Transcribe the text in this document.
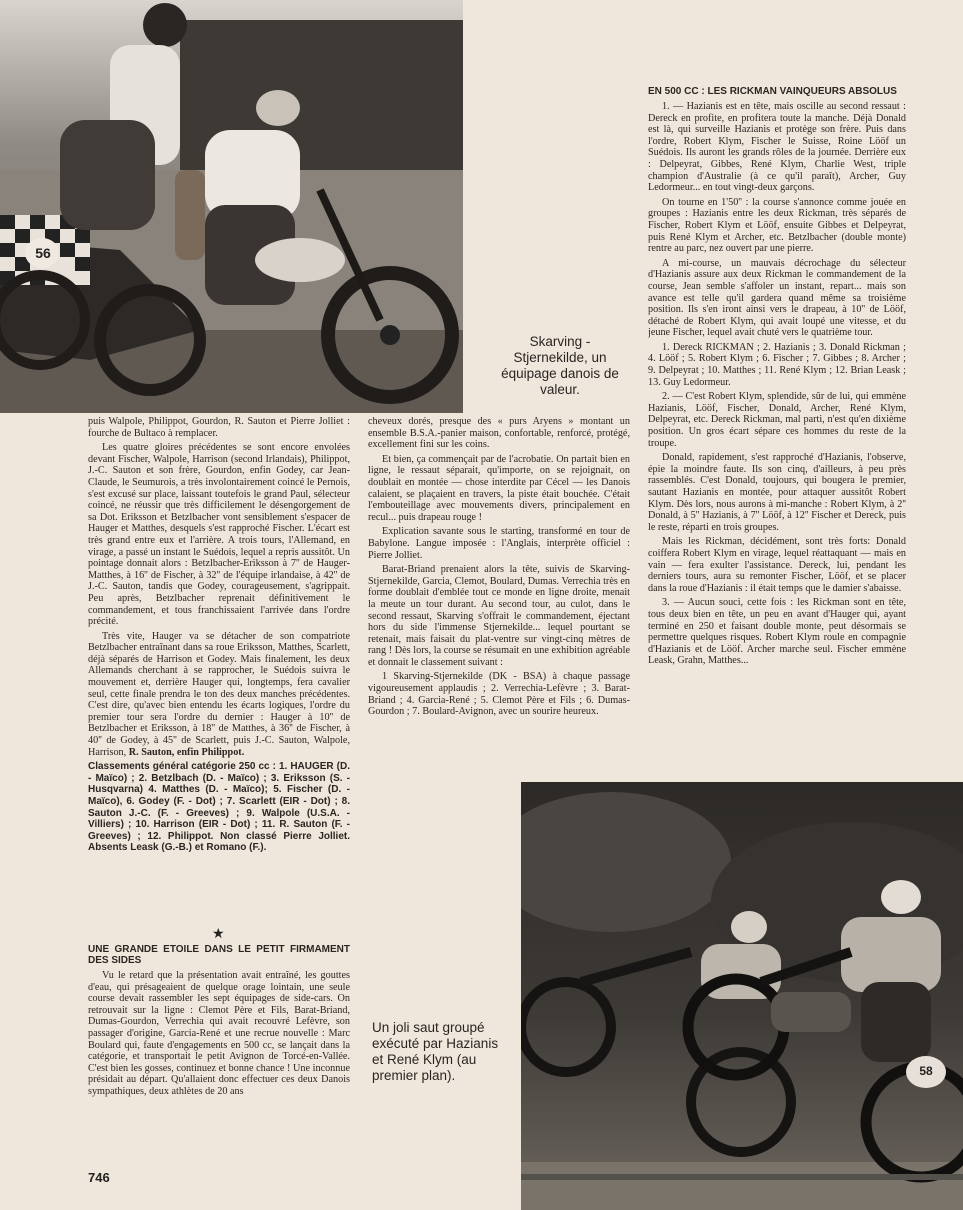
56
Skarving -Stjernekilde, un équipage danois de valeur.

puis Walpole, Philippot, Gourdon, R. Sauton et Pierre Jolliet : fourche de Bultaco à remplacer.

Les quatre gloires précédentes se sont encore envolées devant Fischer, Walpole, Harrison (second Irlandais), Philippot, J.-C. Sauton et son frère, Gourdon, enfin Godey, car Jean-Claude, le Seumurois, a très involontairement coincé le Pernois, s'est excusé sur place, laissant toutefois le grand Paul, sélecteur coincé, ne réussir que très difficilement le désengorgement de sa Dot. Eriksson et Betzlbacher vont sensiblement s'espacer de Hauger et Matthes, desquels s'est rapproché Fischer. L'écart est très grand entre eux et l'arrière. A trois tours, l'Allemand, en virage, a passé un instant le Suédois, lequel a repris aussitôt. Un pointage donnait alors : Betzlbacher-Eriksson à 7'' de Hauger-Matthes, à 16'' de Fischer, à 32'' de l'équipe irlandaise, à 42'' de J.-C. Sauton, tandis que Godey, courageusement, s'agrippait. Peu après, Betzlbacher reprenait définitivement le commandement, et tous franchissaient l'arrivée dans l'ordre précité.

Très vite, Hauger va se détacher de son compatriote Betzlbacher entraînant dans sa roue Eriksson, Matthes, Scarlett, déjà séparés de Harrison et Godey. Mais finalement, les deux Allemands cherchant à se rapprocher, le Suédois suivra le mouvement et, derrière Hauger qui, longtemps, fera cavalier seul, cette finale prendra le ton des deux manches précédentes. C'est dire, qu'avec bien entendu les écarts logiques, l'ordre du premier tour sera l'ordre du dernier : Hauger à 10'' de Betzlbacher et Eriksson, à 18'' de Matthes, à 36'' de Fischer, à 40'' de Godey, à 45'' de Scarlett, puis J.-C. Sauton, Walpole, Harrison, R. Sauton, enfin Philippot.

Classements général catégorie 250 cc : 1. HAUGER (D. - Maïco) ; 2. Betzlbach (D. - Maïco) ; 3. Eriksson (S. - Husqvarna) 4. Matthes (D. - Maïco); 5. Fischer (D. - Maïco), 6. Godey (F. - Dot) ; 7. Scarlett (EIR - Dot) ; 8. Sauton J.-C. (F. - Greeves) ; 9. Walpole (U.S.A. - Villiers) ; 10. Harrison (EIR - Dot) ; 11. R. Sauton (F. - Greeves) ; 12. Philippot. Non classé Pierre Jolliet. Absents Leask (G.-B.) et Romano (F.).

★
UNE GRANDE ETOILE DANS LE PETIT FIRMAMENT DES SIDES

Vu le retard que la présentation avait entraîné, les gouttes d'eau, qui présageaient de quelque orage lointain, une seule course devait rassembler les sept équipages de side-cars. On retrouvait sur la ligne : Clemot Père et Fils, Barat-Briand, Dumas-Gourdon, Verrechia qui avait recouvré Lefèvre, son passager d'origine, Garcia-René et une recrue nouvelle : Marc Boulard qui, faute d'engagements en 500 cc, se lançait dans la catégorie, et transportait le petit Avignon de Torcé-en-Vallée. C'est bien les gosses, continuez et bonne chance ! Une inconnue présidait au départ. Qu'allaient donc effectuer ces deux Danois sympathiques, deux athlètes de 20 ans

cheveux dorés, presque des « purs Aryens » montant un ensemble B.S.A.-panier maison, confortable, renforcé, protégé, excellement fini sur les coins.

Et bien, ça commençait par de l'acrobatie. On partait bien en ligne, le ressaut séparait, qu'importe, on se rejoignait, on doublait en montée — chose interdite par Cécel — les Danois calaient, se plaçaient en travers, la piste était bouchée. C'était l'embouteillage avec mouvements divers, principalement en recul... puis drapeau rouge !

Explication savante sous le starting, transformé en tour de Babylone. Langue imposée : l'Anglais, interprète officiel : Pierre Jolliet.

Barat-Briand prenaient alors la tête, suivis de Skarving-Stjernekilde, Garcia, Clemot, Boulard, Dumas. Verrechia très en forme doublait d'emblée tout ce monde en ligne droite, menait la meute un tour durant. Au second tour, au culot, dans le second ressaut, Skarving s'offrait le commandement, éjectant hors du side l'immense Stjernekilde... lequel pourtant se retenait, mais faisait du plat-ventre sur vingt-cinq mètres de rang ! Dès lors, la course se résumait en une exhibition agréable et donnait le classement suivant :

1 Skarving-Stjernekilde (DK - BSA) à chaque passage vigoureusement applaudis ; 2. Verrechia-Lefèvre ; 3. Barat-Briand ; 4. Garcia-René ; 5. Clemot Père et Fils ; 6. Dumas-Gourdon ; 7. Boulard-Avignon, avec un sourire heureux.

EN 500 CC : LES RICKMAN VAINQUEURS ABSOLUS

1. — Hazianis est en tête, mais oscille au second ressaut : Dereck en profite, en profitera toute la manche. Déjà Donald est là, qui surveille Hazianis et protège son frère. Puis dans l'ordre, Robert Klym, Fischer le Suisse, Roine Lööf un Suédois. Ils auront les grands rôles de la journée. Derrière eux : Delpeyrat, Gibbes, René Klym, Charlie West, triple champion d'Australie (à ce qu'il paraît), Archer, Guy Ledormeur... en tout vingt-deux garçons.

On tourne en 1'50'' : la course s'annonce comme jouée en groupes : Hazianis entre les deux Rickman, très séparés de Fischer, Robert Klym et Lööf, ensuite Gibbes et Delpeyrat, puis René Klym et Archer, etc. Betzlbacher (double monte) rentre au parc, nez ouvert par une pierre.

A mi-course, un mauvais décrochage du sélecteur d'Hazianis assure aux deux Rickman le commandement de la course, Jean semble s'affoler un instant, repart... mais son avance est telle qu'il gardera quand même sa troisième position. Ils s'en iront ainsi vers le drapeau, à 10'' de Lööf, détaché de Robert Klym, qui avait loupé une vitesse, et du jeune Fischer, lequel avait chuté vers le quatrième tour.

1. Dereck RICKMAN ; 2. Hazianis ; 3. Donald Rickman ; 4. Lööf ; 5. Robert Klym ; 6. Fischer ; 7. Gibbes ; 8. Archer ; 9. Delpeyrat ; 10. Matthes ; 11. René Klym ; 12. Brian Leask ; 13. Guy Ledormeur.

2. — C'est Robert Klym, splendide, sûr de lui, qui emmène Hazianis, Lööf, Fischer, Donald, Archer, René Klym, Delpeyrat, etc. Dereck Rickman, mal parti, n'est qu'en dixième position. Un gros écart sépare ces hommes du reste de la troupe.

Donald, rapidement, s'est rapproché d'Hazianis, l'observe, épie la moindre faute. Ils son cinq, d'ailleurs, à peu près rassemblés. C'est Donald, toujours, qui bougera le premier, sautant Hazianis en montée, pour attaquer aussitôt Robert Klym. Dès lors, nous aurons à mi-manche : Robert Klym, à 2'' Donald, à 5'' Hazianis, à 7'' Lööf, à 12'' Fischer et Dereck, puis le reste, réparti en trois groupes.

Mais les Rickman, décidément, sont très forts: Donald coiffera Robert Klym en virage, lequel réattaquant — mais en vain — fera exulter l'assistance. Dereck, lui, pendant les derniers tours, aura su remonter Fischer, Lööf, et se placer dans la roue d'Hazianis : il était temps que le damier s'abaisse.

3. — Aucun souci, cette fois : les Rickman sont en tête, tous deux bien en tête, un peu en avant d'Hauger qui, ayant terminé en 250 et faisant double monte, peut désormais se permettre quelques risques. Robert Klym roule en compagnie d'Hazianis et de Lööf. Archer marche seul. Fischer emmène Leask, Grahn, Matthes...

58
Un joli saut groupé exécuté par Hazianis et René Klym (au premier plan).
746
